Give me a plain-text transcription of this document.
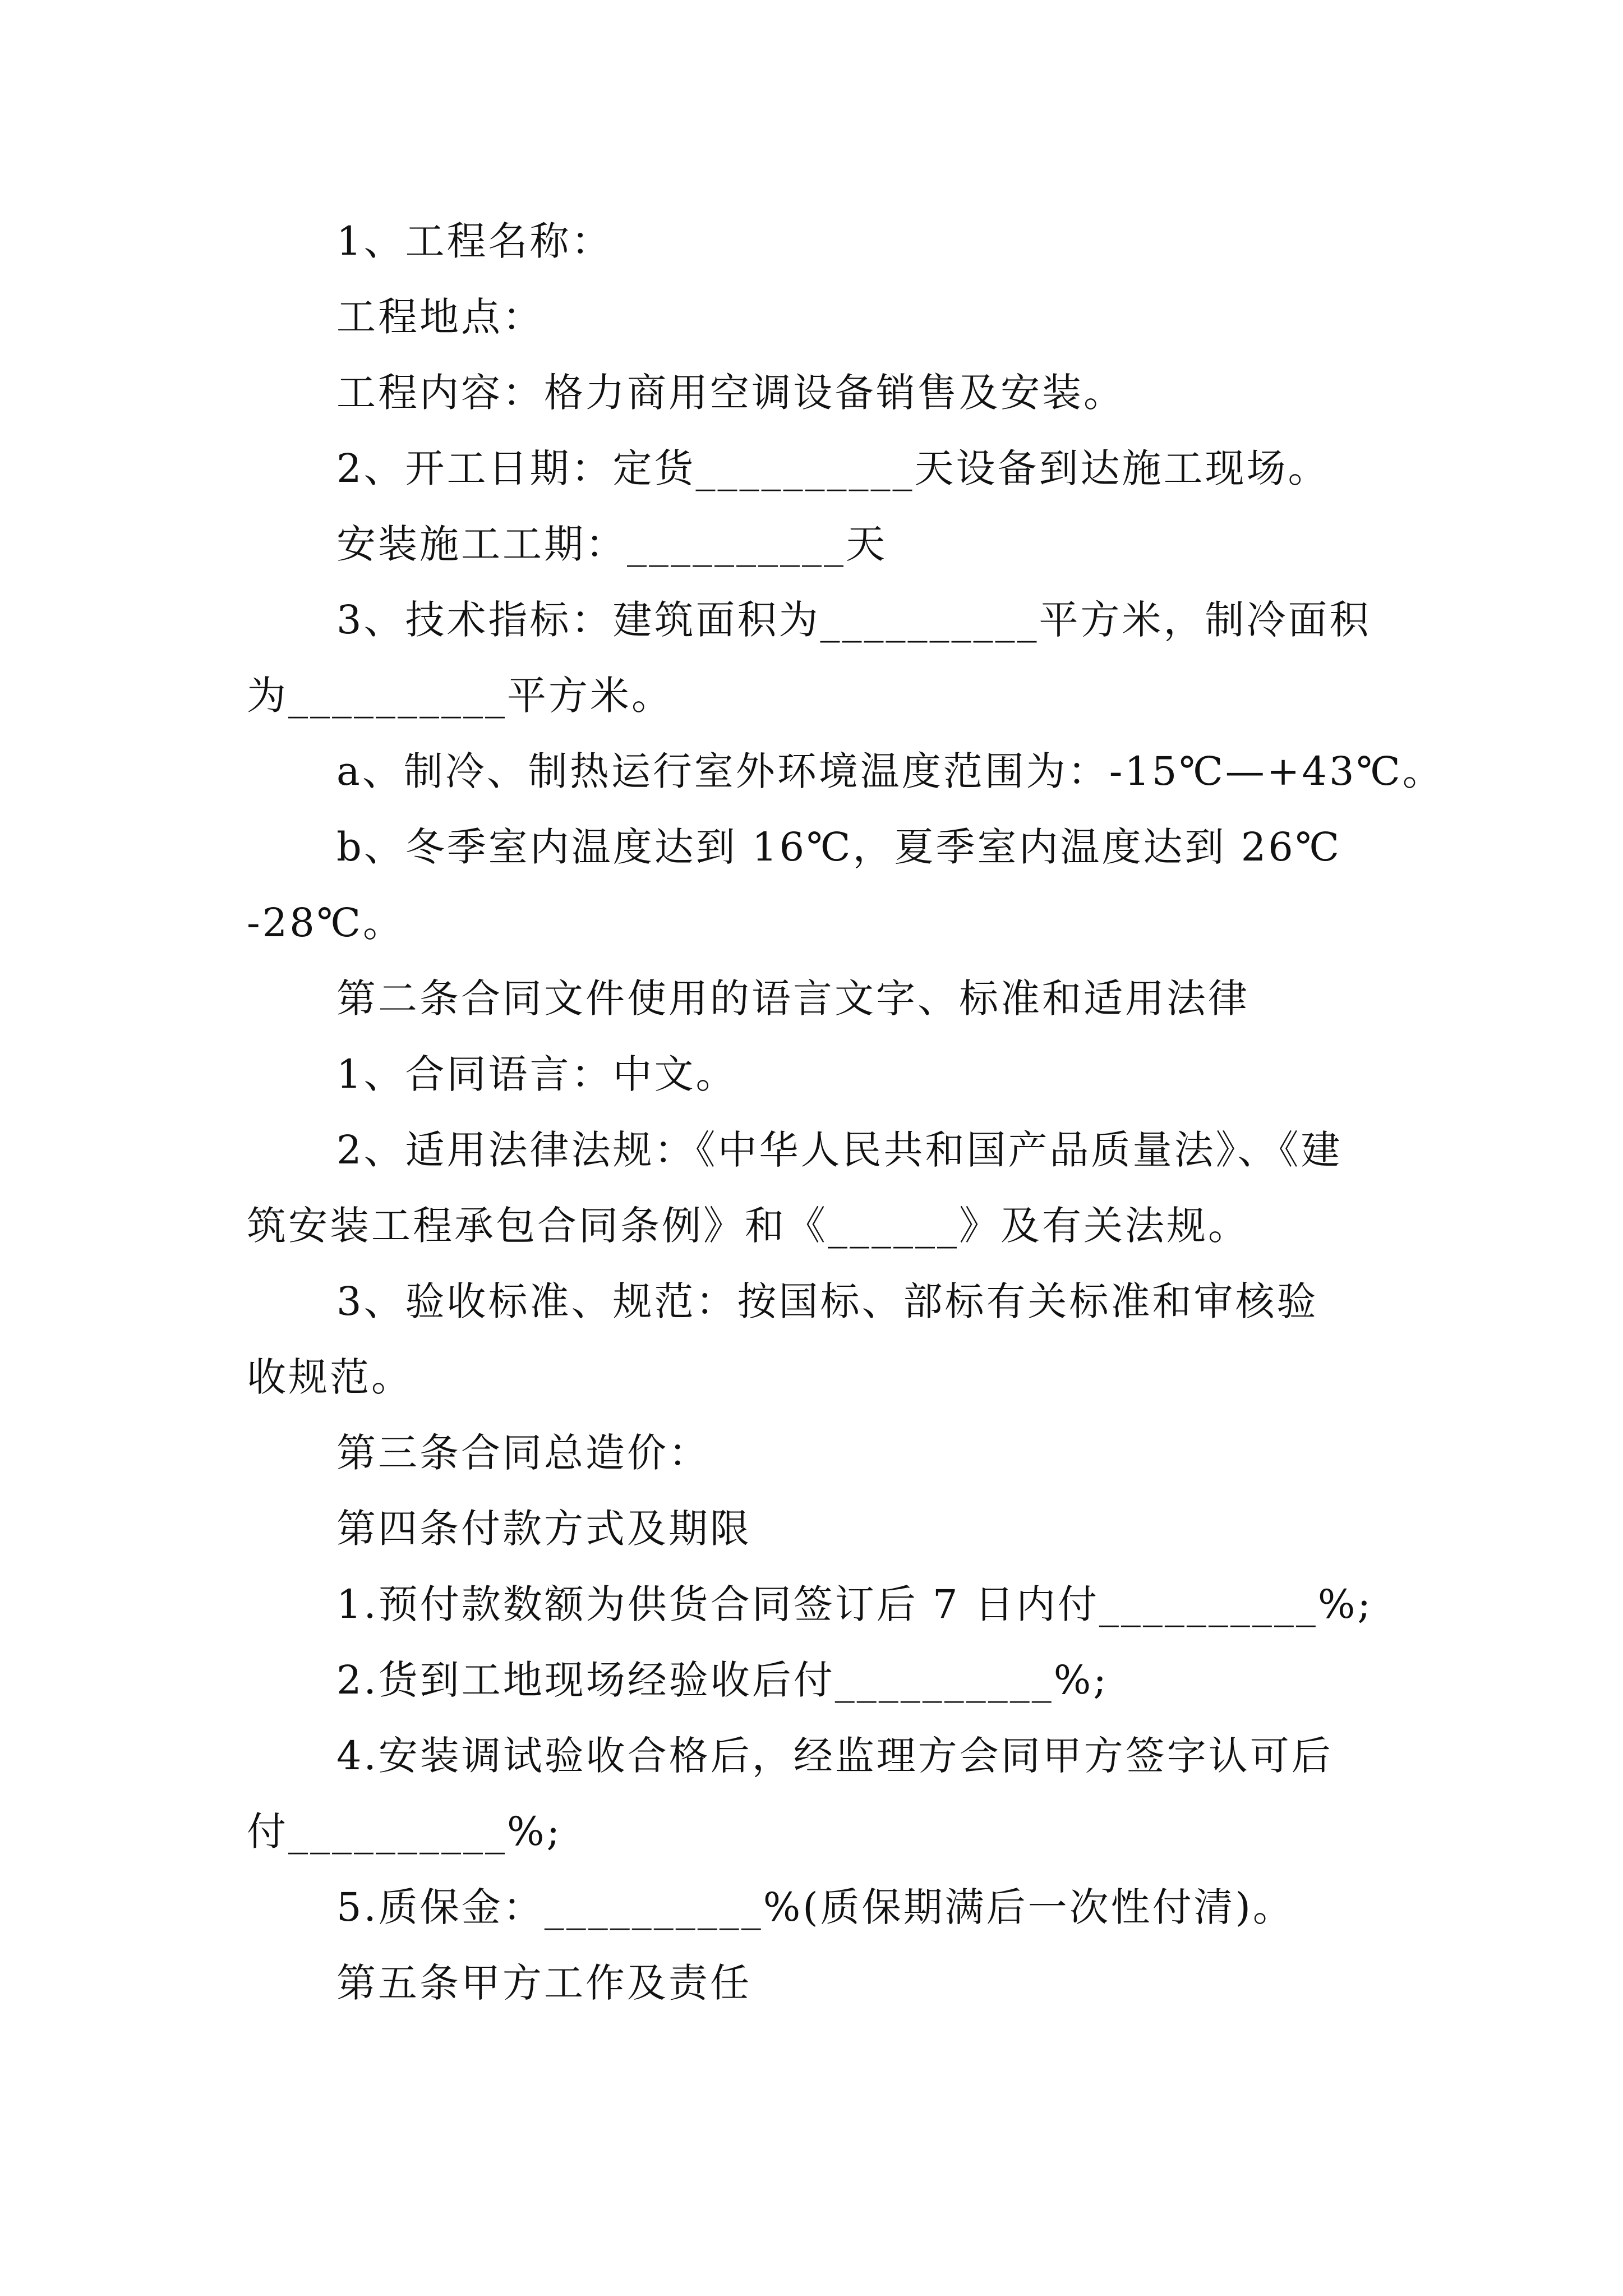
1、工程名称：
工程地点：
工程内容：格力商用空调设备销售及安装。
2、开工日期：定货__________天设备到达施工现场。
安装施工工期：__________天
3、技术指标：建筑面积为__________平方米，制冷面积
为__________平方米。
a、制冷、制热运行室外环境温度范围为：-15℃—+43℃。
b、冬季室内温度达到 16℃，夏季室内温度达到 26℃
-28℃。
第二条合同文件使用的语言文字、标准和适用法律
1、合同语言：中文。
2、适用法律法规：《中华人民共和国产品质量法》、《建
筑安装工程承包合同条例》和《______》及有关法规。
3、验收标准、规范：按国标、部标有关标准和审核验
收规范。
第三条合同总造价：
第四条付款方式及期限
1.预付款数额为供货合同签订后 7 日内付__________%;
2.货到工地现场经验收后付__________%;
4.安装调试验收合格后，经监理方会同甲方签字认可后
付__________%;
5.质保金：__________%(质保期满后一次性付清)。
第五条甲方工作及责任
